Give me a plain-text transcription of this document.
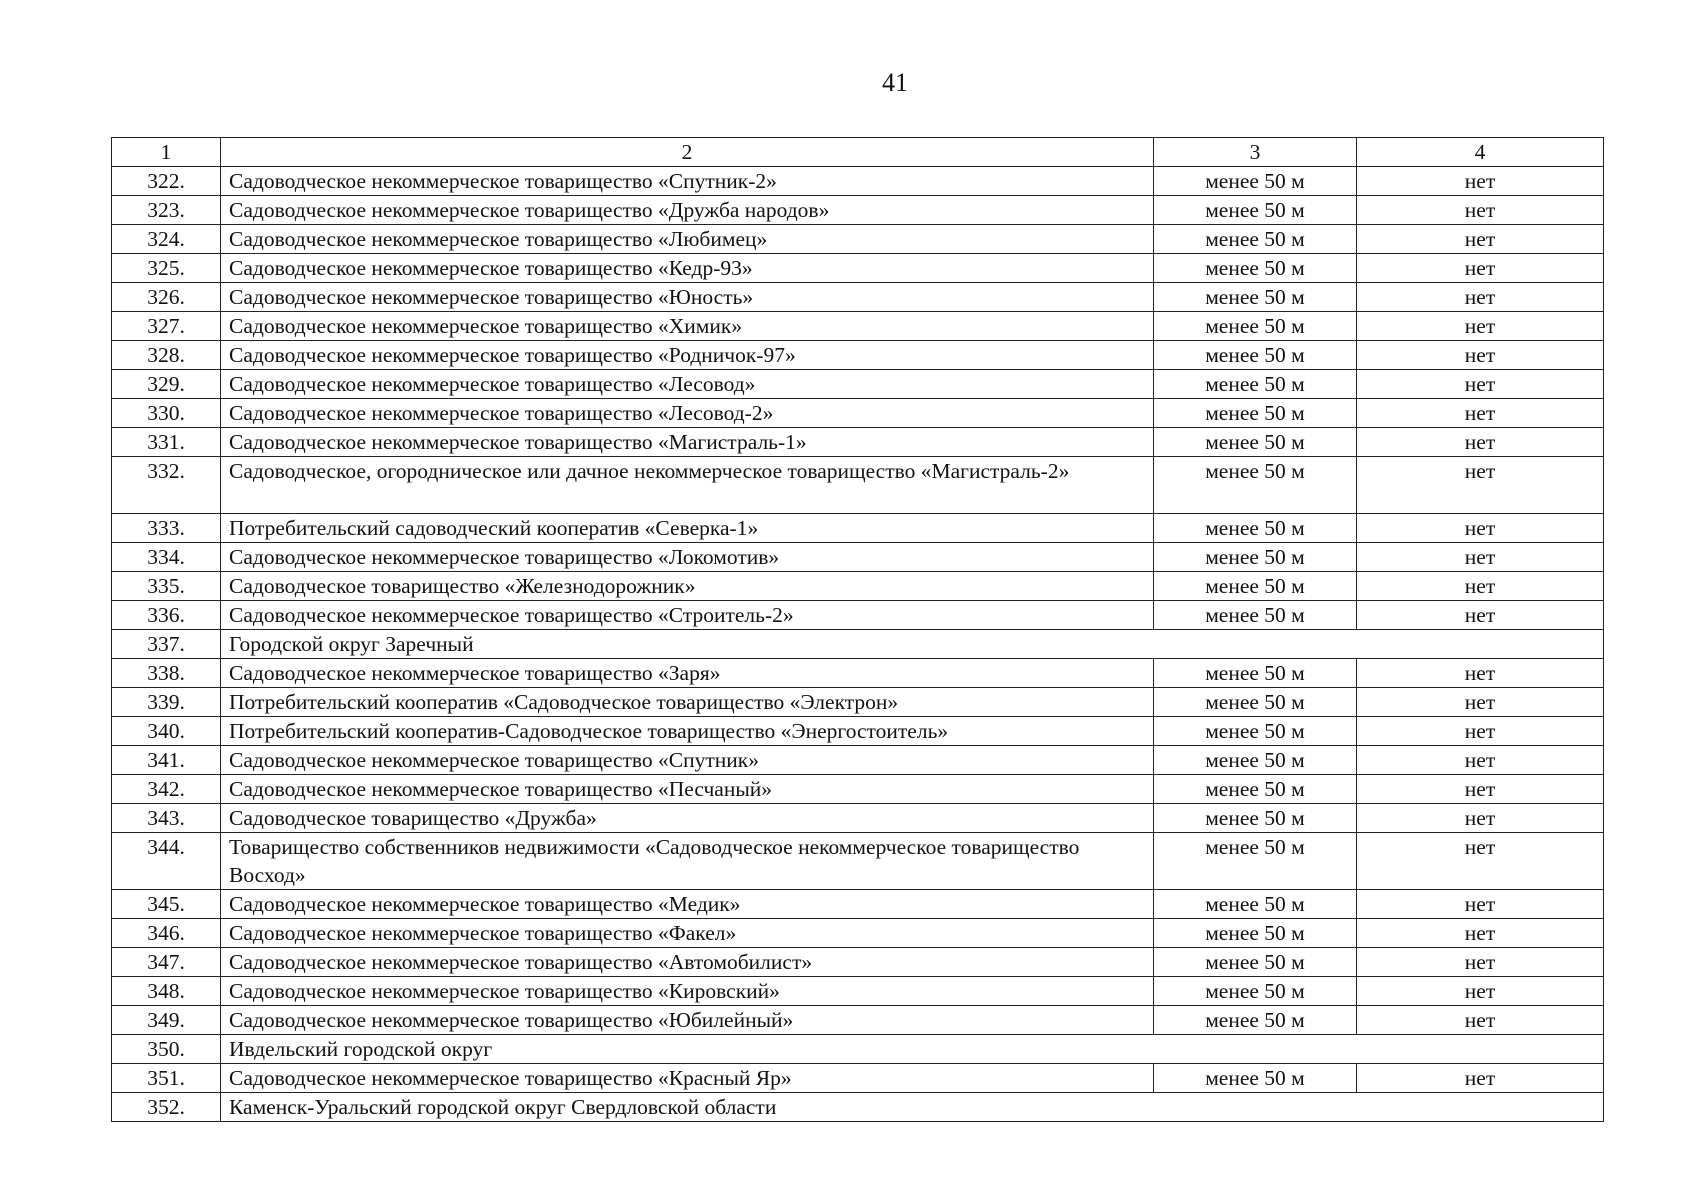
41
1	2	3	4
322.	Садоводческое некоммерческое товарищество «Спутник-2»	менее 50 м	нет
323.	Садоводческое некоммерческое товарищество «Дружба народов»	менее 50 м	нет
324.	Садоводческое некоммерческое товарищество «Любимец»	менее 50 м	нет
325.	Садоводческое некоммерческое товарищество «Кедр-93»	менее 50 м	нет
326.	Садоводческое некоммерческое товарищество «Юность»	менее 50 м	нет
327.	Садоводческое некоммерческое товарищество «Химик»	менее 50 м	нет
328.	Садоводческое некоммерческое товарищество «Родничок-97»	менее 50 м	нет
329.	Садоводческое некоммерческое товарищество «Лесовод»	менее 50 м	нет
330.	Садоводческое некоммерческое товарищество «Лесовод-2»	менее 50 м	нет
331.	Садоводческое некоммерческое товарищество «Магистраль-1»	менее 50 м	нет
332.	Садоводческое, огородническое или дачное некоммерческое товарищество «Магистраль-2»	менее 50 м	нет
333.	Потребительский садоводческий кооператив «Северка-1»	менее 50 м	нет
334.	Садоводческое некоммерческое товарищество «Локомотив»	менее 50 м	нет
335.	Садоводческое товарищество «Железнодорожник»	менее 50 м	нет
336.	Садоводческое некоммерческое товарищество «Строитель-2»	менее 50 м	нет
337.	Городской округ Заречный		
338.	Садоводческое некоммерческое товарищество «Заря»	менее 50 м	нет
339.	Потребительский кооператив «Садоводческое товарищество «Электрон»	менее 50 м	нет
340.	Потребительский кооператив-Садоводческое товарищество «Энергостоитель»	менее 50 м	нет
341.	Садоводческое некоммерческое товарищество «Спутник»	менее 50 м	нет
342.	Садоводческое некоммерческое товарищество «Песчаный»	менее 50 м	нет
343.	Садоводческое товарищество «Дружба»	менее 50 м	нет
344.	Товарищество собственников недвижимости «Садоводческое некоммерческое товарищество Восход»	менее 50 м	нет
345.	Садоводческое некоммерческое товарищество «Медик»	менее 50 м	нет
346.	Садоводческое некоммерческое товарищество «Факел»	менее 50 м	нет
347.	Садоводческое некоммерческое товарищество «Автомобилист»	менее 50 м	нет
348.	Садоводческое некоммерческое товарищество «Кировский»	менее 50 м	нет
349.	Садоводческое некоммерческое товарищество «Юбилейный»	менее 50 м	нет
350.	Ивдельский городской округ		
351.	Садоводческое некоммерческое товарищество «Красный Яр»	менее 50 м	нет
352.	Каменск-Уральский городской округ Свердловской области		
